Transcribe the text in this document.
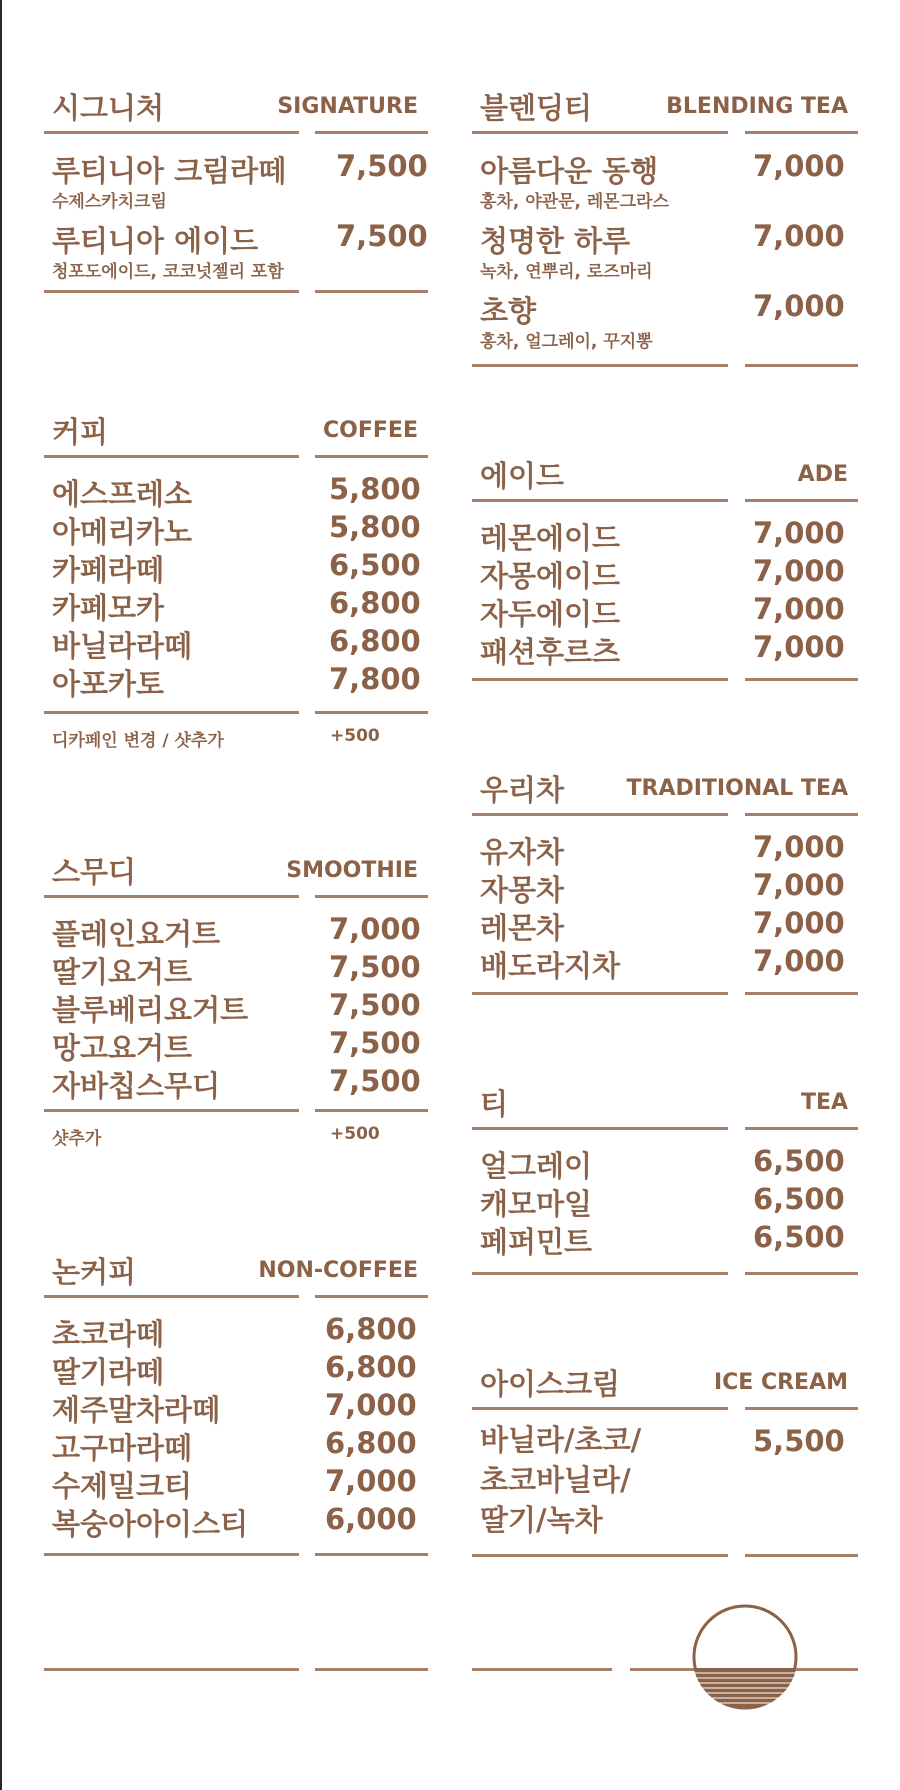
시그니처	SIGNATURE
루티니아 크림라떼
수제스카치크림
7,500
루티니아 에이드
청포도에이드, 코코넛젤리 포함
7,500
커피	COFFEE
에스프레소	5,800
아메리카노	5,800
카페라떼	6,500
카페모카	6,800
바닐라라떼	6,800
아포카토	7,800
디카페인 변경 / 샷추가	+500
스무디	SMOOTHIE
플레인요거트	7,000
딸기요거트	7,500
블루베리요거트	7,500
망고요거트	7,500
자바칩스무디	7,500
샷추가	+500
논커피	NON-COFFEE
초코라떼	6,800
딸기라떼	6,800
제주말차라떼	7,000
고구마라떼	6,800
수제밀크티	7,000
복숭아아이스티	6,000
블렌딩티	BLENDING TEA
아름다운 동행
홍차, 야관문, 레몬그라스
7,000
청명한 하루
녹차, 연뿌리, 로즈마리
7,000
초향
홍차, 얼그레이, 꾸지뽕
7,000
에이드	ADE
레몬에이드	7,000
자몽에이드	7,000
자두에이드	7,000
패션후르츠	7,000
우리차	TRADITIONAL TEA
유자차	7,000
자몽차	7,000
레몬차	7,000
배도라지차	7,000
티	TEA
얼그레이	6,500
캐모마일	6,500
페퍼민트	6,500
아이스크림	ICE CREAM
바닐라/초코/
초코바닐라/
딸기/녹차
5,500
